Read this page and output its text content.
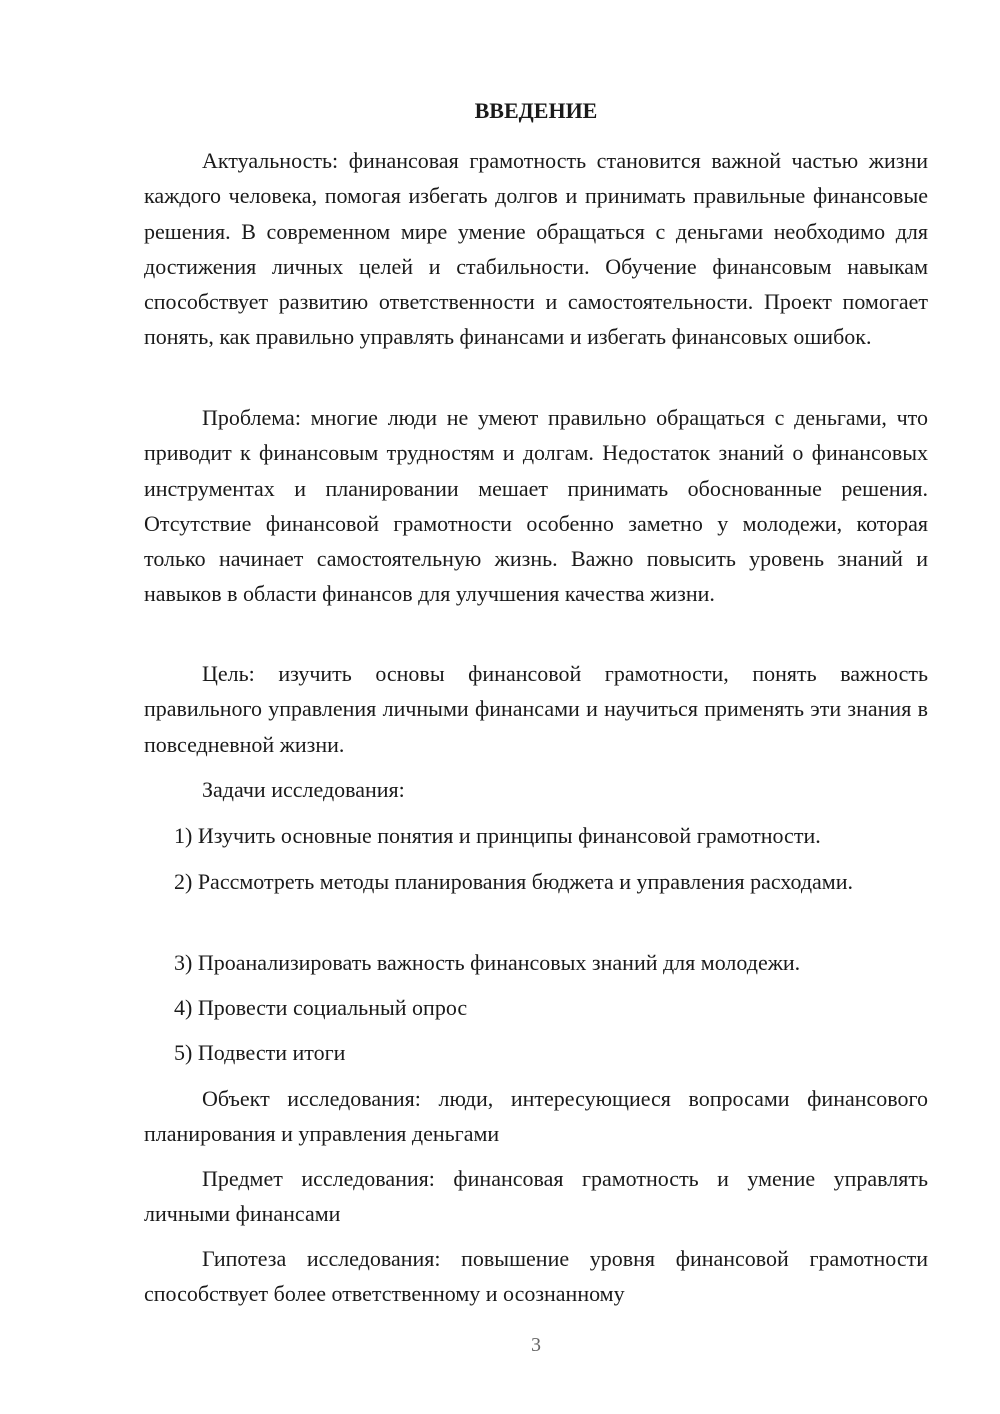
ВВЕДЕНИЕ

Актуальность: финансовая грамотность становится важной частью жизни каждого человека, помогая избегать долгов и принимать правильные финансовые решения. В современном мире умение обращаться с деньгами необходимо для достижения личных целей и стабильности. Обучение финансовым навыкам способствует развитию ответственности и самостоятельности. Проект помогает понять, как правильно управлять финансами и избегать финансовых ошибок.

Проблема: многие люди не умеют правильно обращаться с деньгами, что приводит к финансовым трудностям и долгам. Недостаток знаний о финансовых инструментах и планировании мешает принимать обоснованные решения. Отсутствие финансовой грамотности особенно заметно у молодежи, которая только начинает самостоятельную жизнь. Важно повысить уровень знаний и навыков в области финансов для улучшения качества жизни.

Цель: изучить основы финансовой грамотности, понять важность правильного управления личными финансами и научиться применять эти знания в повседневной жизни.

Задачи исследования:

1) Изучить основные понятия и принципы финансовой грамотности.

2) Рассмотреть методы планирования бюджета и управления расходами.

3) Проанализировать важность финансовых знаний для молодежи.

4) Провести социальный опрос

5) Подвести итоги

Объект исследования: люди, интересующиеся вопросами финансового планирования и управления деньгами

Предмет исследования: финансовая грамотность и умение управлять личными финансами

Гипотеза исследования: повышение уровня финансовой грамотности способствует более ответственному и осознанному

3
